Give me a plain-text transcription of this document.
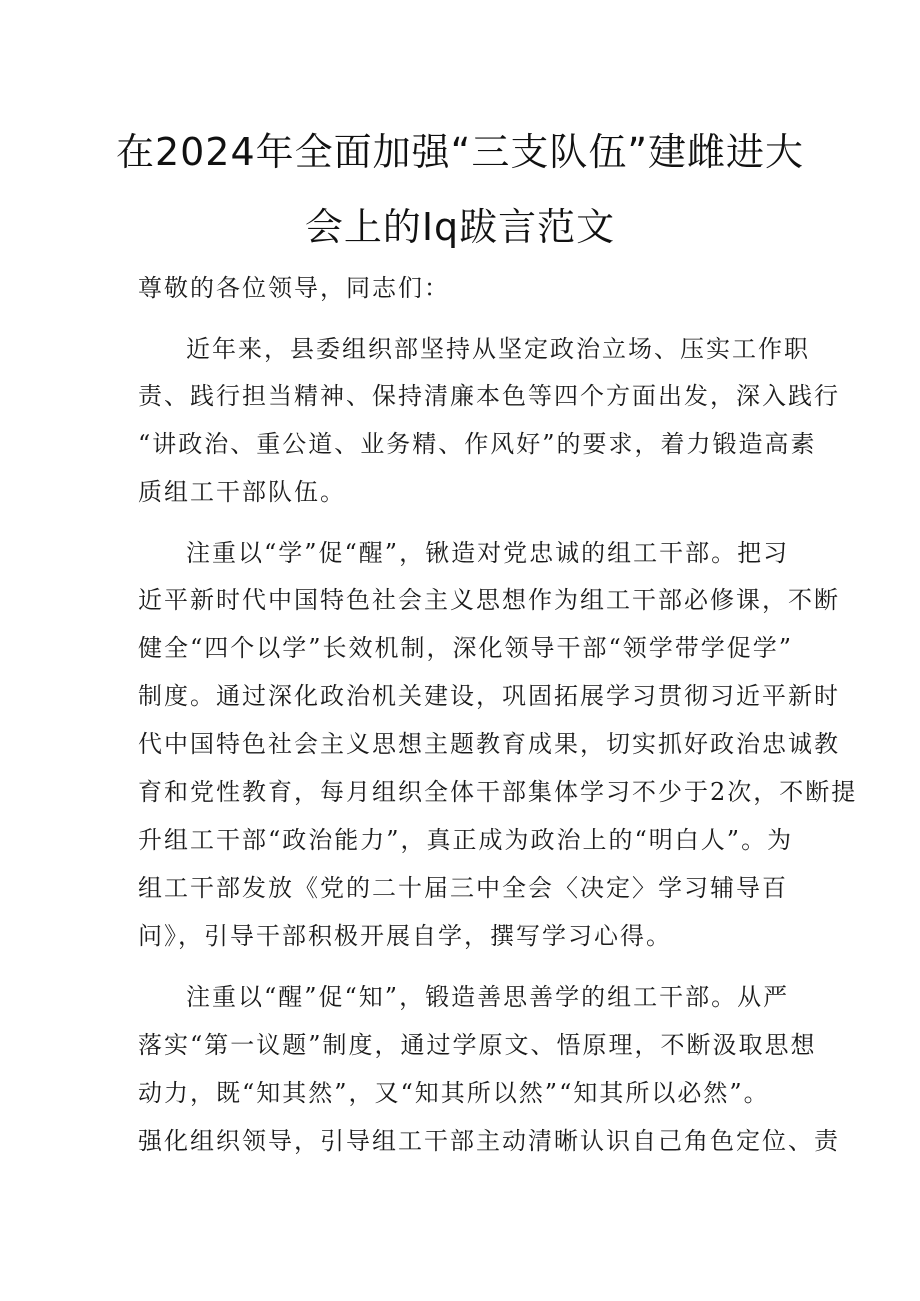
在2024年全面加强“三支队伍”建雌进大
会上的Iq跋言范文
尊敬的各位领导，同志们：
近年来，县委组织部坚持从坚定政治立场、压实工作职
责、践行担当精神、保持清廉本色等四个方面出发，深入践行
“讲政治、重公道、业务精、作风好”的要求，着力锻造高素
质组工干部队伍。
注重以“学”促“醒”，锹造对党忠诚的组工干部。把习
近平新时代中国特色社会主义思想作为组工干部必修课，不断
健全“四个以学”长效机制，深化领导干部“领学带学促学”
制度。通过深化政治机关建设，巩固拓展学习贯彻习近平新时
代中国特色社会主义思想主题教育成果，切实抓好政治忠诚教
育和党性教育，每月组织全体干部集体学习不少于2次，不断提
升组工干部“政治能力”，真正成为政治上的“明白人”。为
组工干部发放《党的二十届三中全会〈决定〉学习辅导百
问》，引导干部积极开展自学，撰写学习心得。
注重以“醒”促“知”，锻造善思善学的组工干部。从严
落实“第一议题”制度，通过学原文、悟原理，不断汲取思想
动力，既“知其然”，又“知其所以然”“知其所以必然”。
强化组织领导，引导组工干部主动清晰认识自己角色定位、责
